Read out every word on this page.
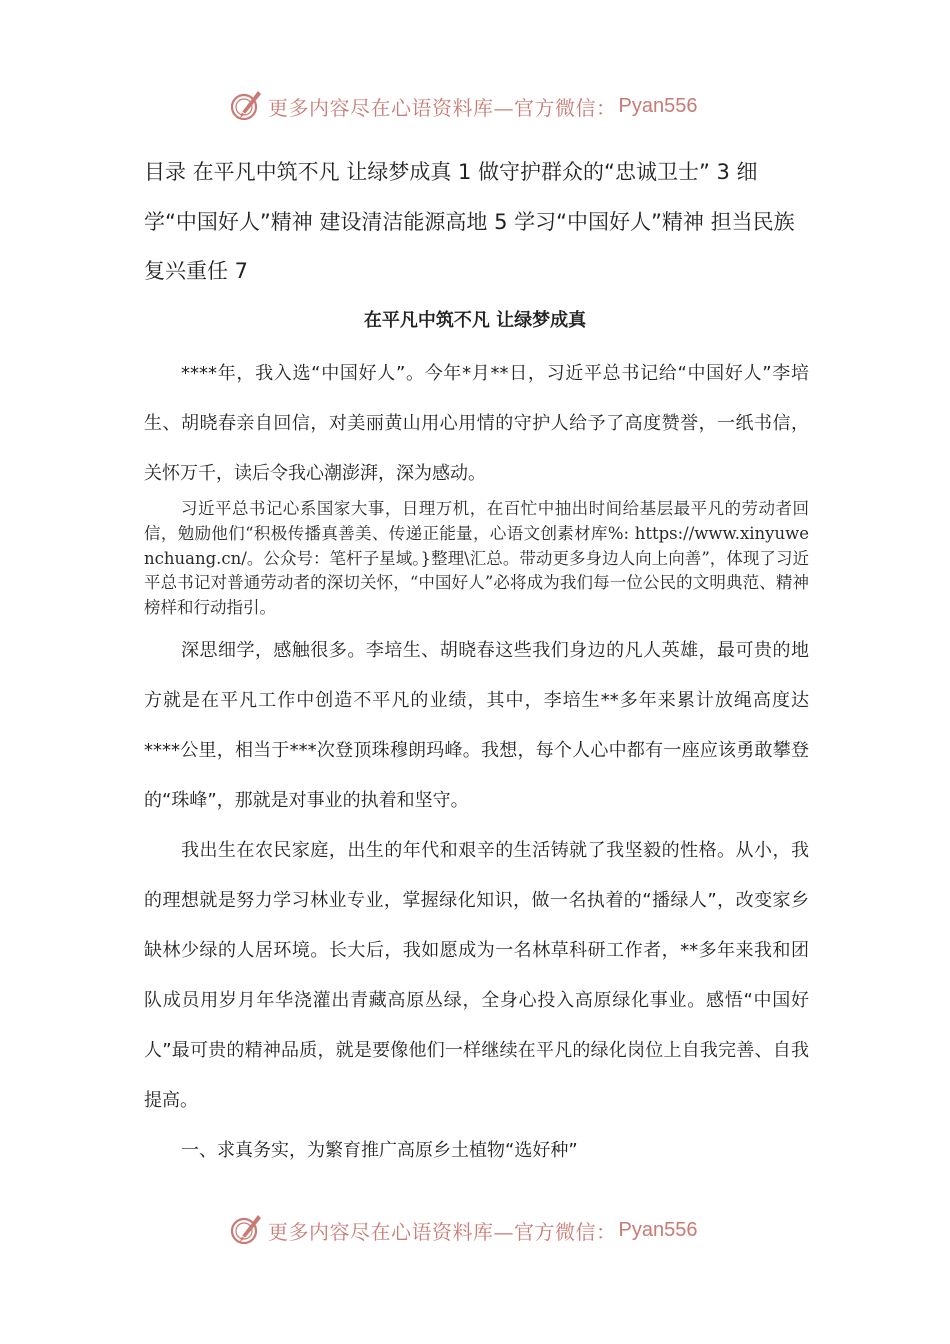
更多内容尽在心语资料库—官方微信： Pyan556
目录 在平凡中筑不凡 让绿梦成真 1 做守护群众的“忠诚卫士” 3 细学“中国好人”精神 建设清洁能源高地 5 学习“中国好人”精神 担当民族复兴重任 7
在平凡中筑不凡 让绿梦成真
****年，我入选“中国好人”。今年*月**日，习近平总书记给“中国好人”李培生、胡晓春亲自回信，对美丽黄山用心用情的守护人给予了高度赞誉，一纸书信，关怀万千，读后令我心潮澎湃，深为感动。
习近平总书记心系国家大事，日理万机，在百忙中抽出时间给基层最平凡的劳动者回信，勉励他们“积极传播真善美、传递正能量，心语文创素材库%: https://www.xinyuwenchuang.cn/。公众号：笔杆子星域。}整理\汇总。带动更多身边人向上向善”，体现了习近平总书记对普通劳动者的深切关怀，“中国好人”必将成为我们每一位公民的文明典范、精神榜样和行动指引。
深思细学，感触很多。李培生、胡晓春这些我们身边的凡人英雄，最可贵的地方就是在平凡工作中创造不平凡的业绩，其中，李培生**多年来累计放绳高度达****公里，相当于***次登顶珠穆朗玛峰。我想，每个人心中都有一座应该勇敢攀登的“珠峰”，那就是对事业的执着和坚守。
我出生在农民家庭，出生的年代和艰辛的生活铸就了我坚毅的性格。从小，我的理想就是努力学习林业专业，掌握绿化知识，做一名执着的“播绿人”，改变家乡缺林少绿的人居环境。长大后，我如愿成为一名林草科研工作者，**多年来我和团队成员用岁月年华浇灌出青藏高原丛绿，全身心投入高原绿化事业。感悟“中国好人”最可贵的精神品质，就是要像他们一样继续在平凡的绿化岗位上自我完善、自我提高。
一、求真务实，为繁育推广高原乡土植物“选好种”
更多内容尽在心语资料库—官方微信： Pyan556
